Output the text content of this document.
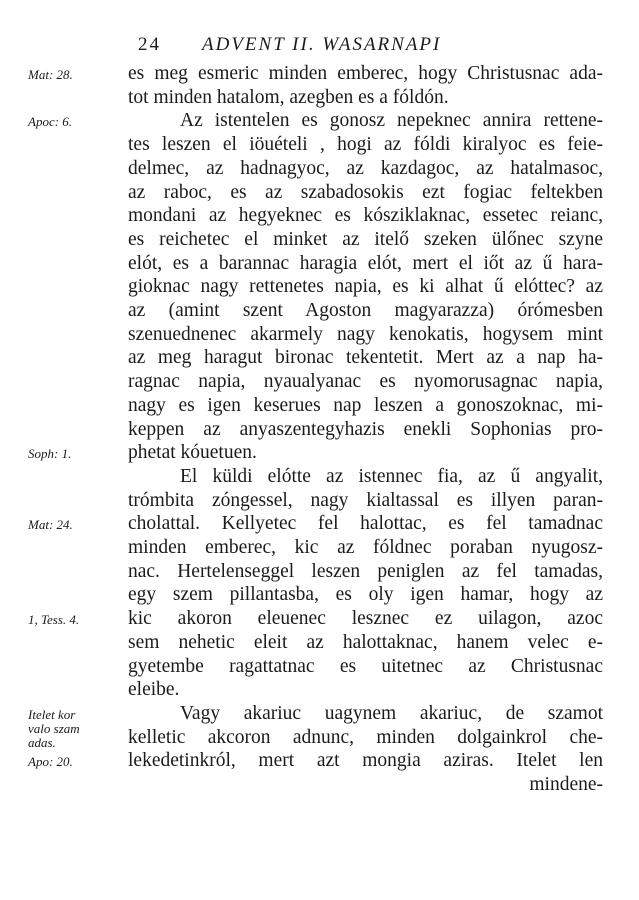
24 ADVENT II. WASARNAPI
Mat: 28.
Apoc: 6.
Soph: 1.
Mat: 24.
1, Tess. 4.
Itelet kor
valo szam
adas.
Apo: 20.
es meg esmeric minden emberec, hogy Christusnac ada-
tot minden hatalom, azegben es a fóldón.
Az istentelen es gonosz nepeknec annira rettene-
tes leszen el iöuételi , hogi az fóldi kiralyoc es feie-
delmec, az hadnagyoc, az kazdagoc, az hatalmasoc,
az raboc, es az szabadosokis ezt fogiac feltekben
mondani az hegyeknec es kósziklaknac, essetec reianc,
es reichetec el minket az itelő szeken ülőnec szyne
elót, es a barannac haragia elót, mert el iőt az ű hara-
gioknac nagy rettenetes napia, es ki alhat ű elóttec? az
az (amint szent Agoston magyarazza) órómesben
szenuednenec akarmely nagy kenokatis, hogysem mint
az meg haragut bironac tekentetit. Mert az a nap ha-
ragnac napia, nyaualyanac es nyomorusagnac napia,
nagy es igen keserues nap leszen a gonoszoknac, mi-
keppen az anyaszentegyhazis enekli Sophonias pro-
phetat kóuetuen.
El küldi elótte az istennec fia, az ű angyalit,
trómbita zóngessel, nagy kialtassal es illyen paran-
cholattal. Kellyetec fel halottac, es fel tamadnac
minden emberec, kic az fóldnec poraban nyugosz-
nac. Hertelenseggel leszen peniglen az fel tamadas,
egy szem pillantasba, es oly igen hamar, hogy az
kic akoron eleuenec lesznec ez uilagon, azoc
sem nehetic eleit az halottaknac, hanem velec e-
gyetembe ragattatnac es uitetnec az Christusnac
eleibe.
Vagy akariuc uagynem akariuc, de szamot
kelletic akcoron adnunc, minden dolgainkrol che-
lekedetinkról, mert azt mongia aziras. Itelet len
mindene-
